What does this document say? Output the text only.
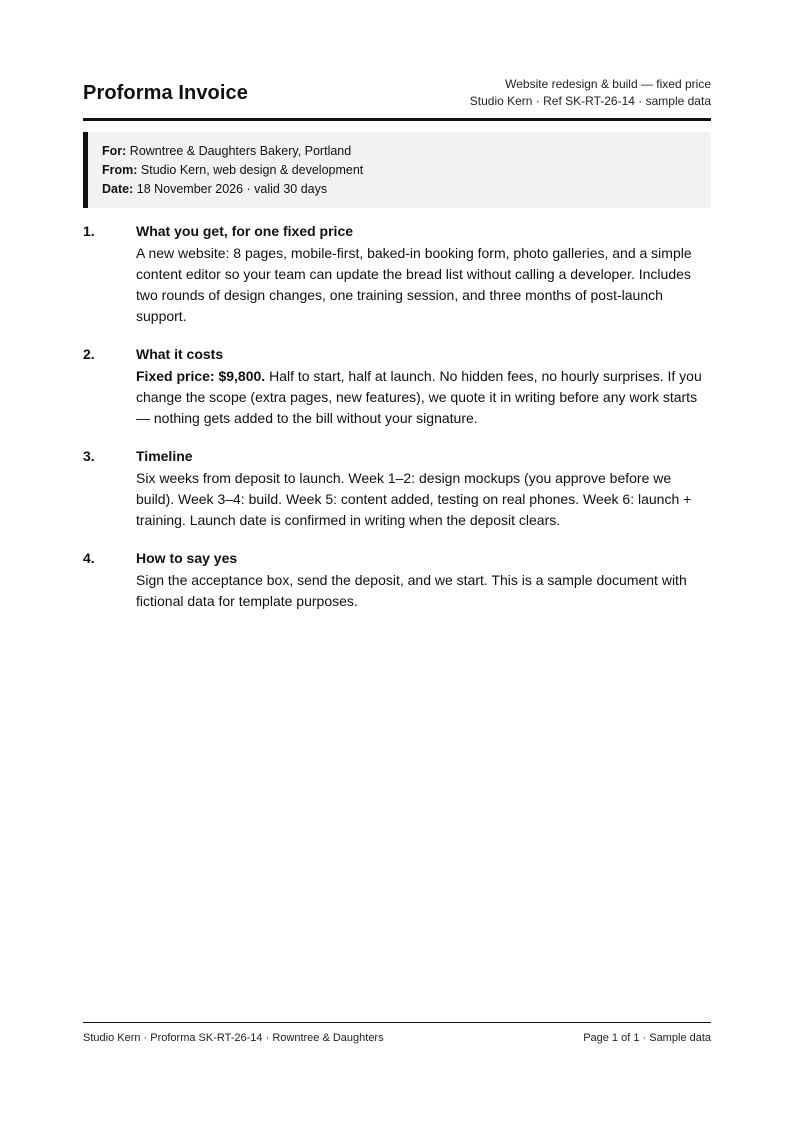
Proforma Invoice	Website redesign & build — fixed price
Studio Kern · Ref SK-RT-26-14 · sample data
For: Rowntree & Daughters Bakery, Portland
From: Studio Kern, web design & development
Date: 18 November 2026 · valid 30 days
1.	What you get, for one fixed price
A new website: 8 pages, mobile-first, baked-in booking form, photo galleries, and a simple content editor so your team can update the bread list without calling a developer. Includes two rounds of design changes, one training session, and three months of post-launch support.
2.	What it costs
Fixed price: $9,800. Half to start, half at launch. No hidden fees, no hourly surprises. If you change the scope (extra pages, new features), we quote it in writing before any work starts — nothing gets added to the bill without your signature.
3.	Timeline
Six weeks from deposit to launch. Week 1–2: design mockups (you approve before we build). Week 3–4: build. Week 5: content added, testing on real phones. Week 6: launch + training. Launch date is confirmed in writing when the deposit clears.
4.	How to say yes
Sign the acceptance box, send the deposit, and we start. This is a sample document with fictional data for template purposes.
Studio Kern · Proforma SK-RT-26-14 · Rowntree & Daughters	Page 1 of 1 · Sample data
